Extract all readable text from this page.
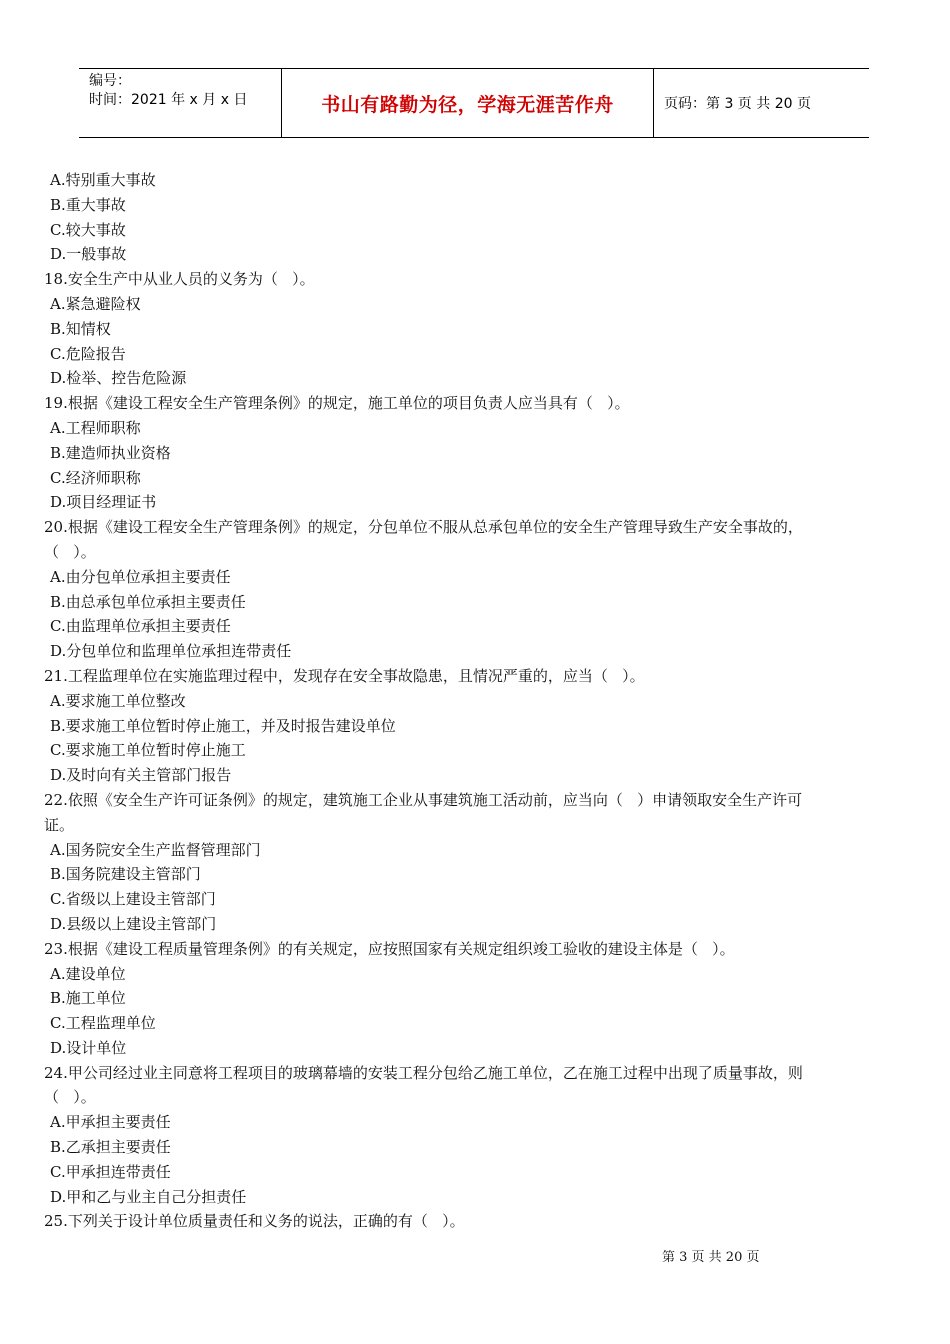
编号：
时间：2021 年 x 月 x 日	书山有路勤为径，学海无涯苦作舟	页码：第 3 页 共 20 页
A.特别重大事故
B.重大事故
C.较大事故
D.一般事故
18.安全生产中从业人员的义务为（   ）。
A.紧急避险权
B.知情权
C.危险报告
D.检举、控告危险源
19.根据《建设工程安全生产管理条例》的规定，施工单位的项目负责人应当具有（   ）。
A.工程师职称
B.建造师执业资格
C.经济师职称
D.项目经理证书
20.根据《建设工程安全生产管理条例》的规定，分包单位不服从总承包单位的安全生产管理导致生产安全事故的，
（   ）。
A.由分包单位承担主要责任
B.由总承包单位承担主要责任
C.由监理单位承担主要责任
D.分包单位和监理单位承担连带责任
21.工程监理单位在实施监理过程中，发现存在安全事故隐患，且情况严重的，应当（   ）。
A.要求施工单位整改
B.要求施工单位暂时停止施工，并及时报告建设单位
C.要求施工单位暂时停止施工
D.及时向有关主管部门报告
22.依照《安全生产许可证条例》的规定，建筑施工企业从事建筑施工活动前，应当向（   ）申请领取安全生产许可
证。
A.国务院安全生产监督管理部门
B.国务院建设主管部门
C.省级以上建设主管部门
D.县级以上建设主管部门
23.根据《建设工程质量管理条例》的有关规定，应按照国家有关规定组织竣工验收的建设主体是（   ）。
A.建设单位
B.施工单位
C.工程监理单位
D.设计单位
24.甲公司经过业主同意将工程项目的玻璃幕墙的安装工程分包给乙施工单位，乙在施工过程中出现了质量事故，则
（   ）。
A.甲承担主要责任
B.乙承担主要责任
C.甲承担连带责任
D.甲和乙与业主自己分担责任
25.下列关于设计单位质量责任和义务的说法，正确的有（   ）。
第 3 页 共 20 页
